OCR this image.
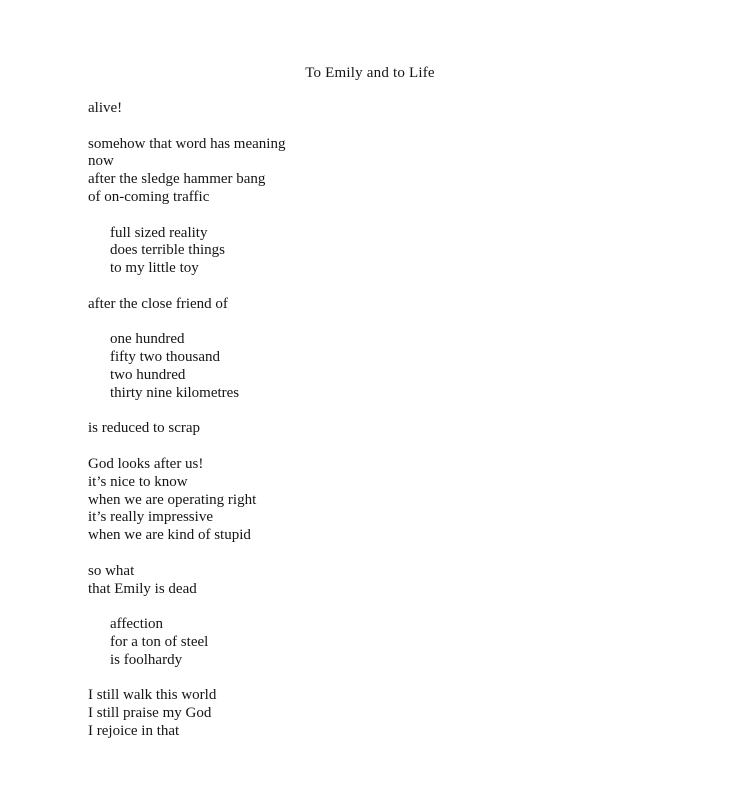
To Emily and to Life
alive!
somehow that word has meaning
now
after the sledge hammer bang
of on-coming traffic
full sized reality
does terrible things
to my little toy
after the close friend of
one hundred
fifty two thousand
two hundred
thirty nine kilometres
is reduced to scrap
God looks after us!
it’s nice to know
when we are operating right
it’s really impressive
when we are kind of stupid
so what
that Emily is dead
affection
for a ton of steel
is foolhardy
I still walk this world
I still praise my God
I rejoice in that
